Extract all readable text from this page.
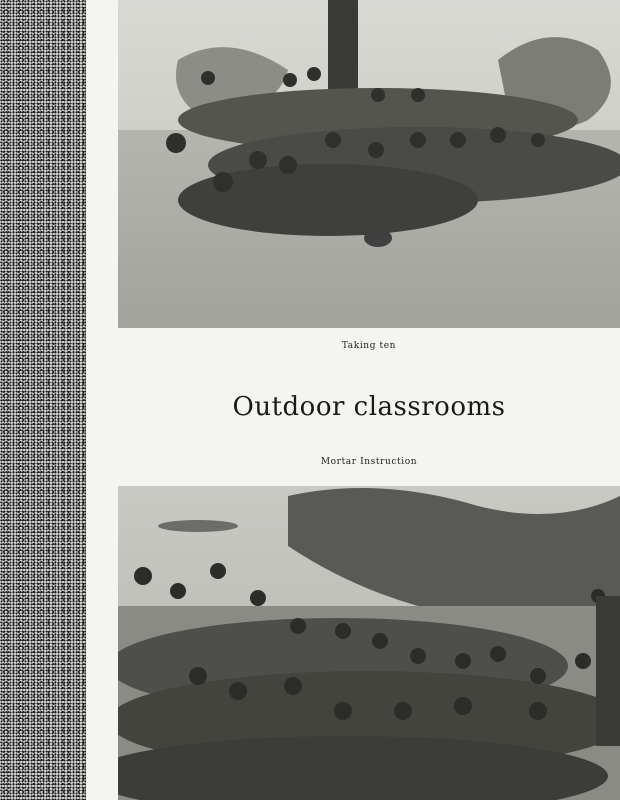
Taking ten
Outdoor classrooms
Mortar Instruction
